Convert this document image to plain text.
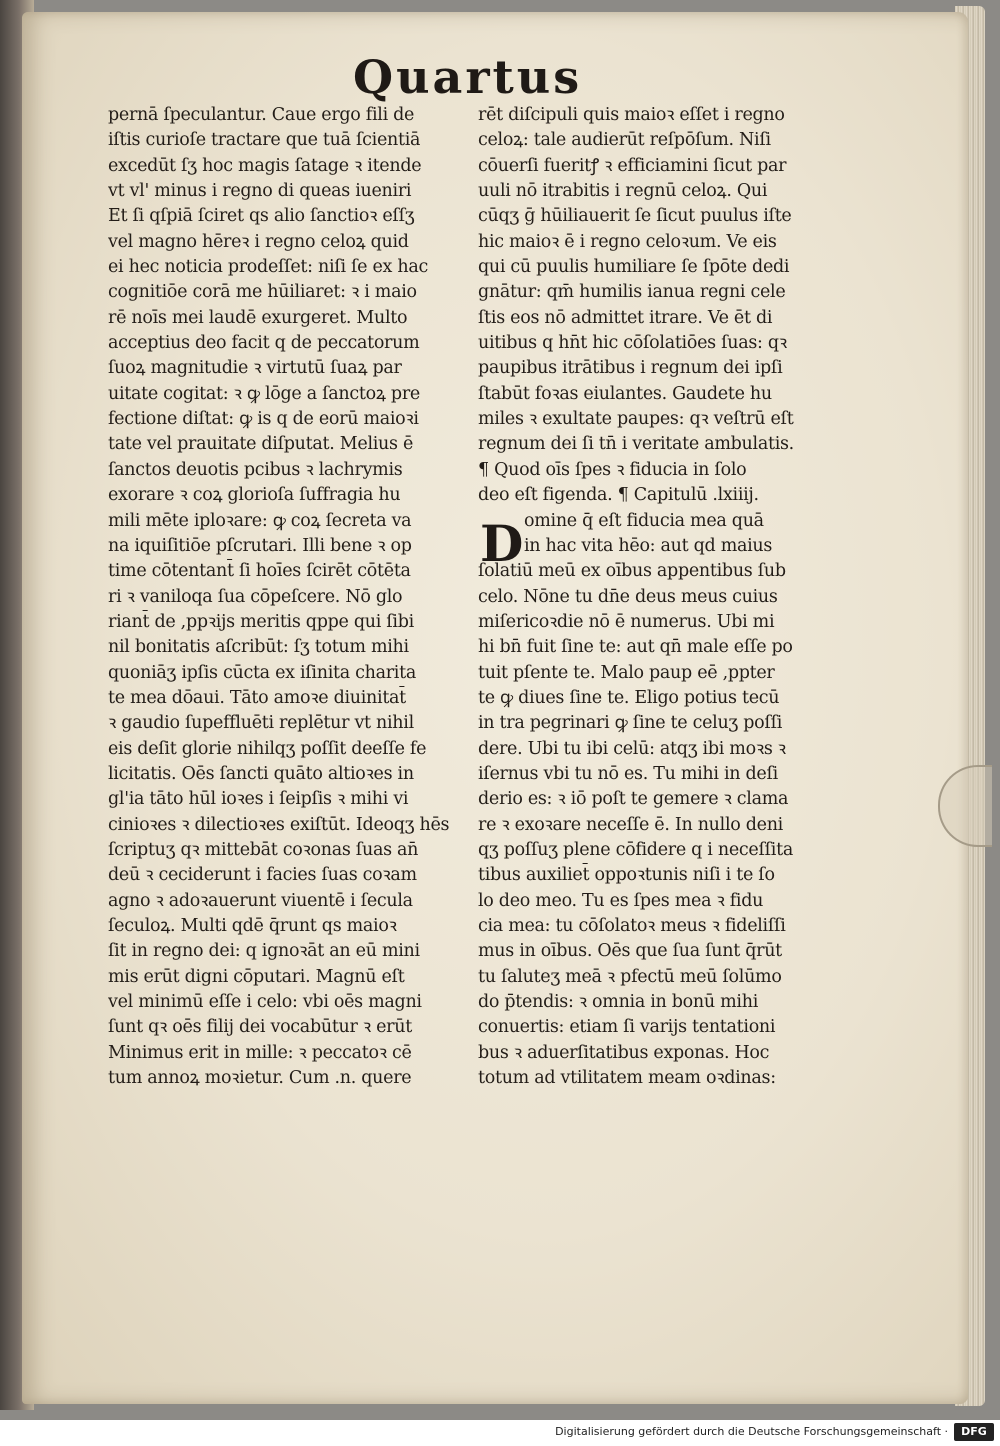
Quartus
pernā ſpeculantur. Caue ergo fili de
iſtis curioſe tractare que tuā ſcientiā
excedūt ſʒ hoc magis ſatage ꝛ itende
vt vl' minus i regno di queas iueniri
Et ſi qſpiā ſciret qs alio ſanctioꝛ eſſʒ
vel magno hēreꝛ i regno celoꝝ quid
ei hec noticia prodeſſet: niſi ſe ex hac
cognitiōe corā me hūiliaret: ꝛ i maio
rē noīs mei laudē exurgeret. Multo
acceptius deo facit q de peccatorum
ſuoꝝ magnitudie ꝛ virtutū ſuaꝝ par
uitate cogitat: ꝛ ꝙ lōge a ſanctoꝝ pre
fectione diſtat: ꝙ is q de eorū maioꝛi
tate vel prauitate diſputat. Melius ē
ſanctos deuotis pcibus ꝛ lachrymis
exorare ꝛ coꝝ glorioſa ſuffragia hu
mili mēte iploꝛare: ꝙ coꝝ ſecreta va
na iquiſitiōe pſcrutari. Illi bene ꝛ op
time cōtentant̄ ſi hoīes ſcirēt cōtēta
ri ꝛ vaniloqa ſua cōpeſcere. Nō glo
riant̄ de ,ppꝛijs meritis qppe qui ſibi
nil bonitatis aſcribūt: ſʒ totum mihi
quoniāʒ ipſis cūcta ex iſinita charita
te mea dōaui. Tāto amoꝛe diuinitat̄
ꝛ gaudio ſupeffluēti replētur vt nihil
eis deſit glorie nihilqʒ poſſit deeſſe fe
licitatis. Oēs ſancti quāto altioꝛes in
gl'ia tāto hūl ioꝛes i ſeipſis ꝛ mihi vi
cinioꝛes ꝛ dilectioꝛes exiſtūt. Ideoqʒ hēs
ſcriptuʒ qꝛ mittebāt coꝛonas ſuas an̄
deū ꝛ ceciderunt i facies ſuas coꝛam
agno ꝛ adoꝛauerunt viuentē i ſecula
ſeculoꝝ. Multi qdē q̄runt qs maioꝛ
ſit in regno dei: q ignoꝛāt an eū mini
mis erūt digni cōputari. Magnū eſt
vel minimū eſſe i celo: vbi oēs magni
ſunt qꝛ oēs filij dei vocabūtur ꝛ erūt
Minimus erit in mille: ꝛ peccatoꝛ cē
tum annoꝝ moꝛietur. Cum .n. quere
rēt diſcipuli quis maioꝛ eſſet i regno
celoꝝ: tale audierūt reſpōſum. Niſi
cōuerſi fueritꝭ ꝛ efficiamini ſicut par
uuli nō itrabitis i regnū celoꝝ. Qui
cūqʒ ḡ hūiliauerit ſe ſicut puulus iſte
hic maioꝛ ē i regno celoꝛum. Ve eis
qui cū puulis humiliare ſe ſpōte dedi
gnātur: qm̄ humilis ianua regni cele
ſtis eos nō admittet itrare. Ve ēt di
uitibus q hn̄t hic cōſolatiōes ſuas: qꝛ
paupibus itrātibus i regnum dei ipſi
ſtabūt foꝛas eiulantes. Gaudete hu
miles ꝛ exultate paupes: qꝛ veſtrū eſt
regnum dei ſi tn̄ i veritate ambulatis.
¶ Quod oīs ſpes ꝛ fiducia in ſolo
deo eſt figenda. ¶ Capitulū .lxiiij.
omine q̄ eſt fiducia mea quā
in hac vita hēo: aut qd maius
ſolatiū meū ex oībus appentibus ſub
celo. Nōne tu dn̄e deus meus cuius
miſericoꝛdie nō ē numerus. Ubi mi
hi bn̄ fuit ſine te: aut qn̄ male eſſe po
tuit pſente te. Malo paup eē ,ppter
te ꝙ diues ſine te. Eligo potius tecū
in tra pegrinari ꝙ ſine te celuʒ poſſi
dere. Ubi tu ibi celū: atqʒ ibi moꝛs ꝛ
iſernus vbi tu nō es. Tu mihi in deſi
derio es: ꝛ iō poſt te gemere ꝛ clama
re ꝛ exoꝛare neceſſe ē. In nullo deni
qʒ poſſuʒ plene cōfidere q i neceſſita
tibus auxiliet̄ oppoꝛtunis niſi i te ſo
lo deo meo. Tu es ſpes mea ꝛ fidu
cia mea: tu cōſolatoꝛ meus ꝛ fideliſſi
mus in oībus. Oēs que ſua ſunt q̄rūt
tu ſaluteʒ meā ꝛ pfectū meū ſolūmo
do p̄tendis: ꝛ omnia in bonū mihi
conuertis: etiam ſi varijs tentationi
bus ꝛ aduerſitatibus exponas. Hoc
totum ad vtilitatem meam oꝛdinas:
D
Digitalisierung gefördert durch die Deutsche Forschungsgemeinschaft ·	DFG
